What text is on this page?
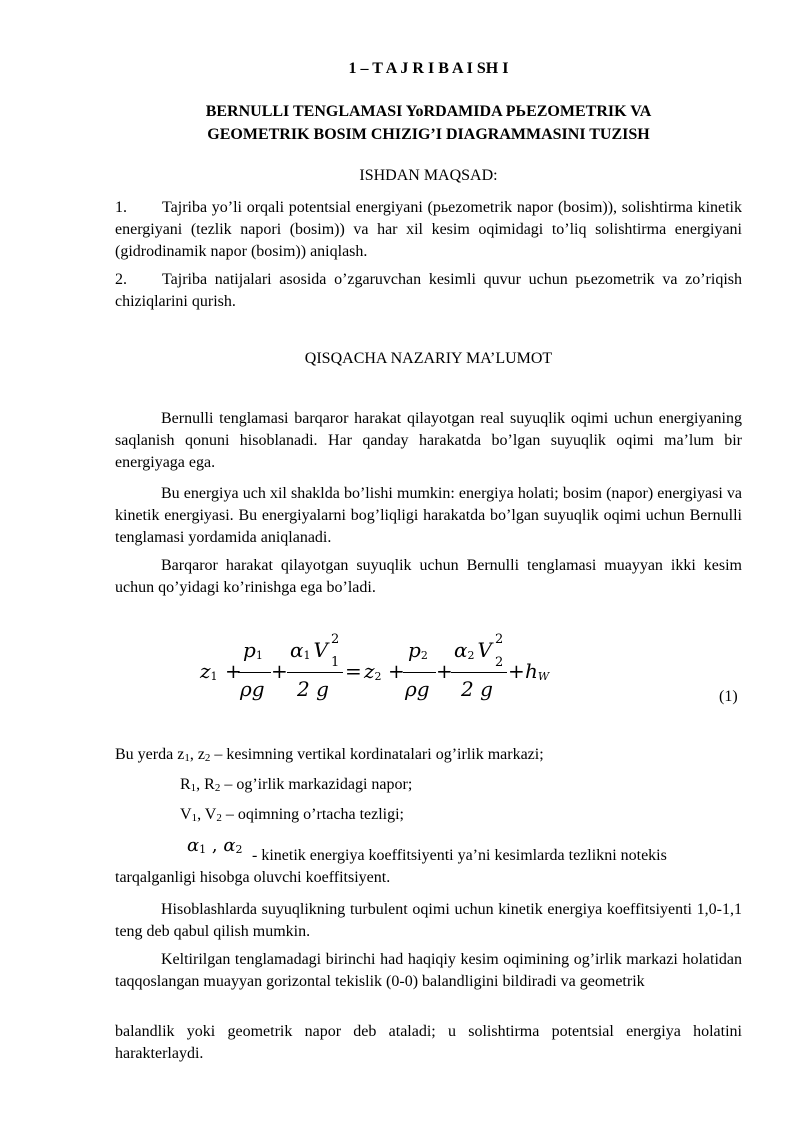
1 – T A J R I B A I SH I
BERNULLI TENGLAMASI YoRDAMIDA PЬEZOMETRIK VA
GEOMETRIK BOSIM CHIZIG’I DIAGRAMMASINI TUZISH
ISHDAN MAQSAD:
1. Tajriba yo’li orqali potentsial energiyani (pьezometrik napor (bosim)), solishtirma kinetik energiyani (tezlik napori (bosim)) va har xil kesim oqimidagi to’liq solishtirma energiyani (gidrodinamik napor (bosim)) aniqlash.
2. Tajriba natijalari asosida o’zgaruvchan kesimli quvur uchun pьezometrik va zo’riqish chiziqlarini qurish.
QISQACHA NAZARIY MA’LUMOT
Bernulli tenglamasi barqaror harakat qilayotgan real suyuqlik oqimi uchun energiyaning saqlanish qonuni hisoblanadi. Har qanday harakatda bo’lgan suyuqlik oqimi ma’lum bir energiyaga ega.
Bu energiya uch xil shaklda bo’lishi mumkin: energiya holati; bosim (napor) energiyasi va kinetik energiyasi. Bu energiyalarni bog’liqligi harakatda bo’lgan suyuqlik oqimi uchun Bernulli tenglamasi yordamida aniqlanadi.
Barqaror harakat qilayotgan suyuqlik uchun Bernulli tenglamasi muayyan ikki kesim uchun qo’yidagi ko’rinishga ega bo’ladi.
$z_1$ +
$p_1$
ρg
+
$\alpha_1$ V 2
1
2 g
= $z_2$ +
$p_2$
ρg
+
$\alpha_2$ V 2
2
2 g
+ $h_W$
(1)
Bu yerda $z_1$, $z_2$ – kesimning vertikal kordinatalari og’irlik markazi;
$R_1$, $R_2$ – og’irlik markazidagi napor;
$V_1$, $V_2$ – oqimning o’rtacha tezligi;
$\alpha_1$ , $\alpha_2$ - kinetik energiya koeffitsiyenti ya’ni kesimlarda tezlikni notekis
tarqalganligi hisobga oluvchi koeffitsiyent.
Hisoblashlarda suyuqlikning turbulent oqimi uchun kinetik energiya koeffitsiyenti 1,0-1,1 teng deb qabul qilish mumkin.
Keltirilgan tenglamadagi birinchi had haqiqiy kesim oqimining og’irlik markazi holatidan taqqoslangan muayyan gorizontal tekislik (0-0) balandligini bildiradi va geometrik
balandlik yoki geometrik napor deb ataladi; u solishtirma potentsial energiya holatini harakterlaydi.
